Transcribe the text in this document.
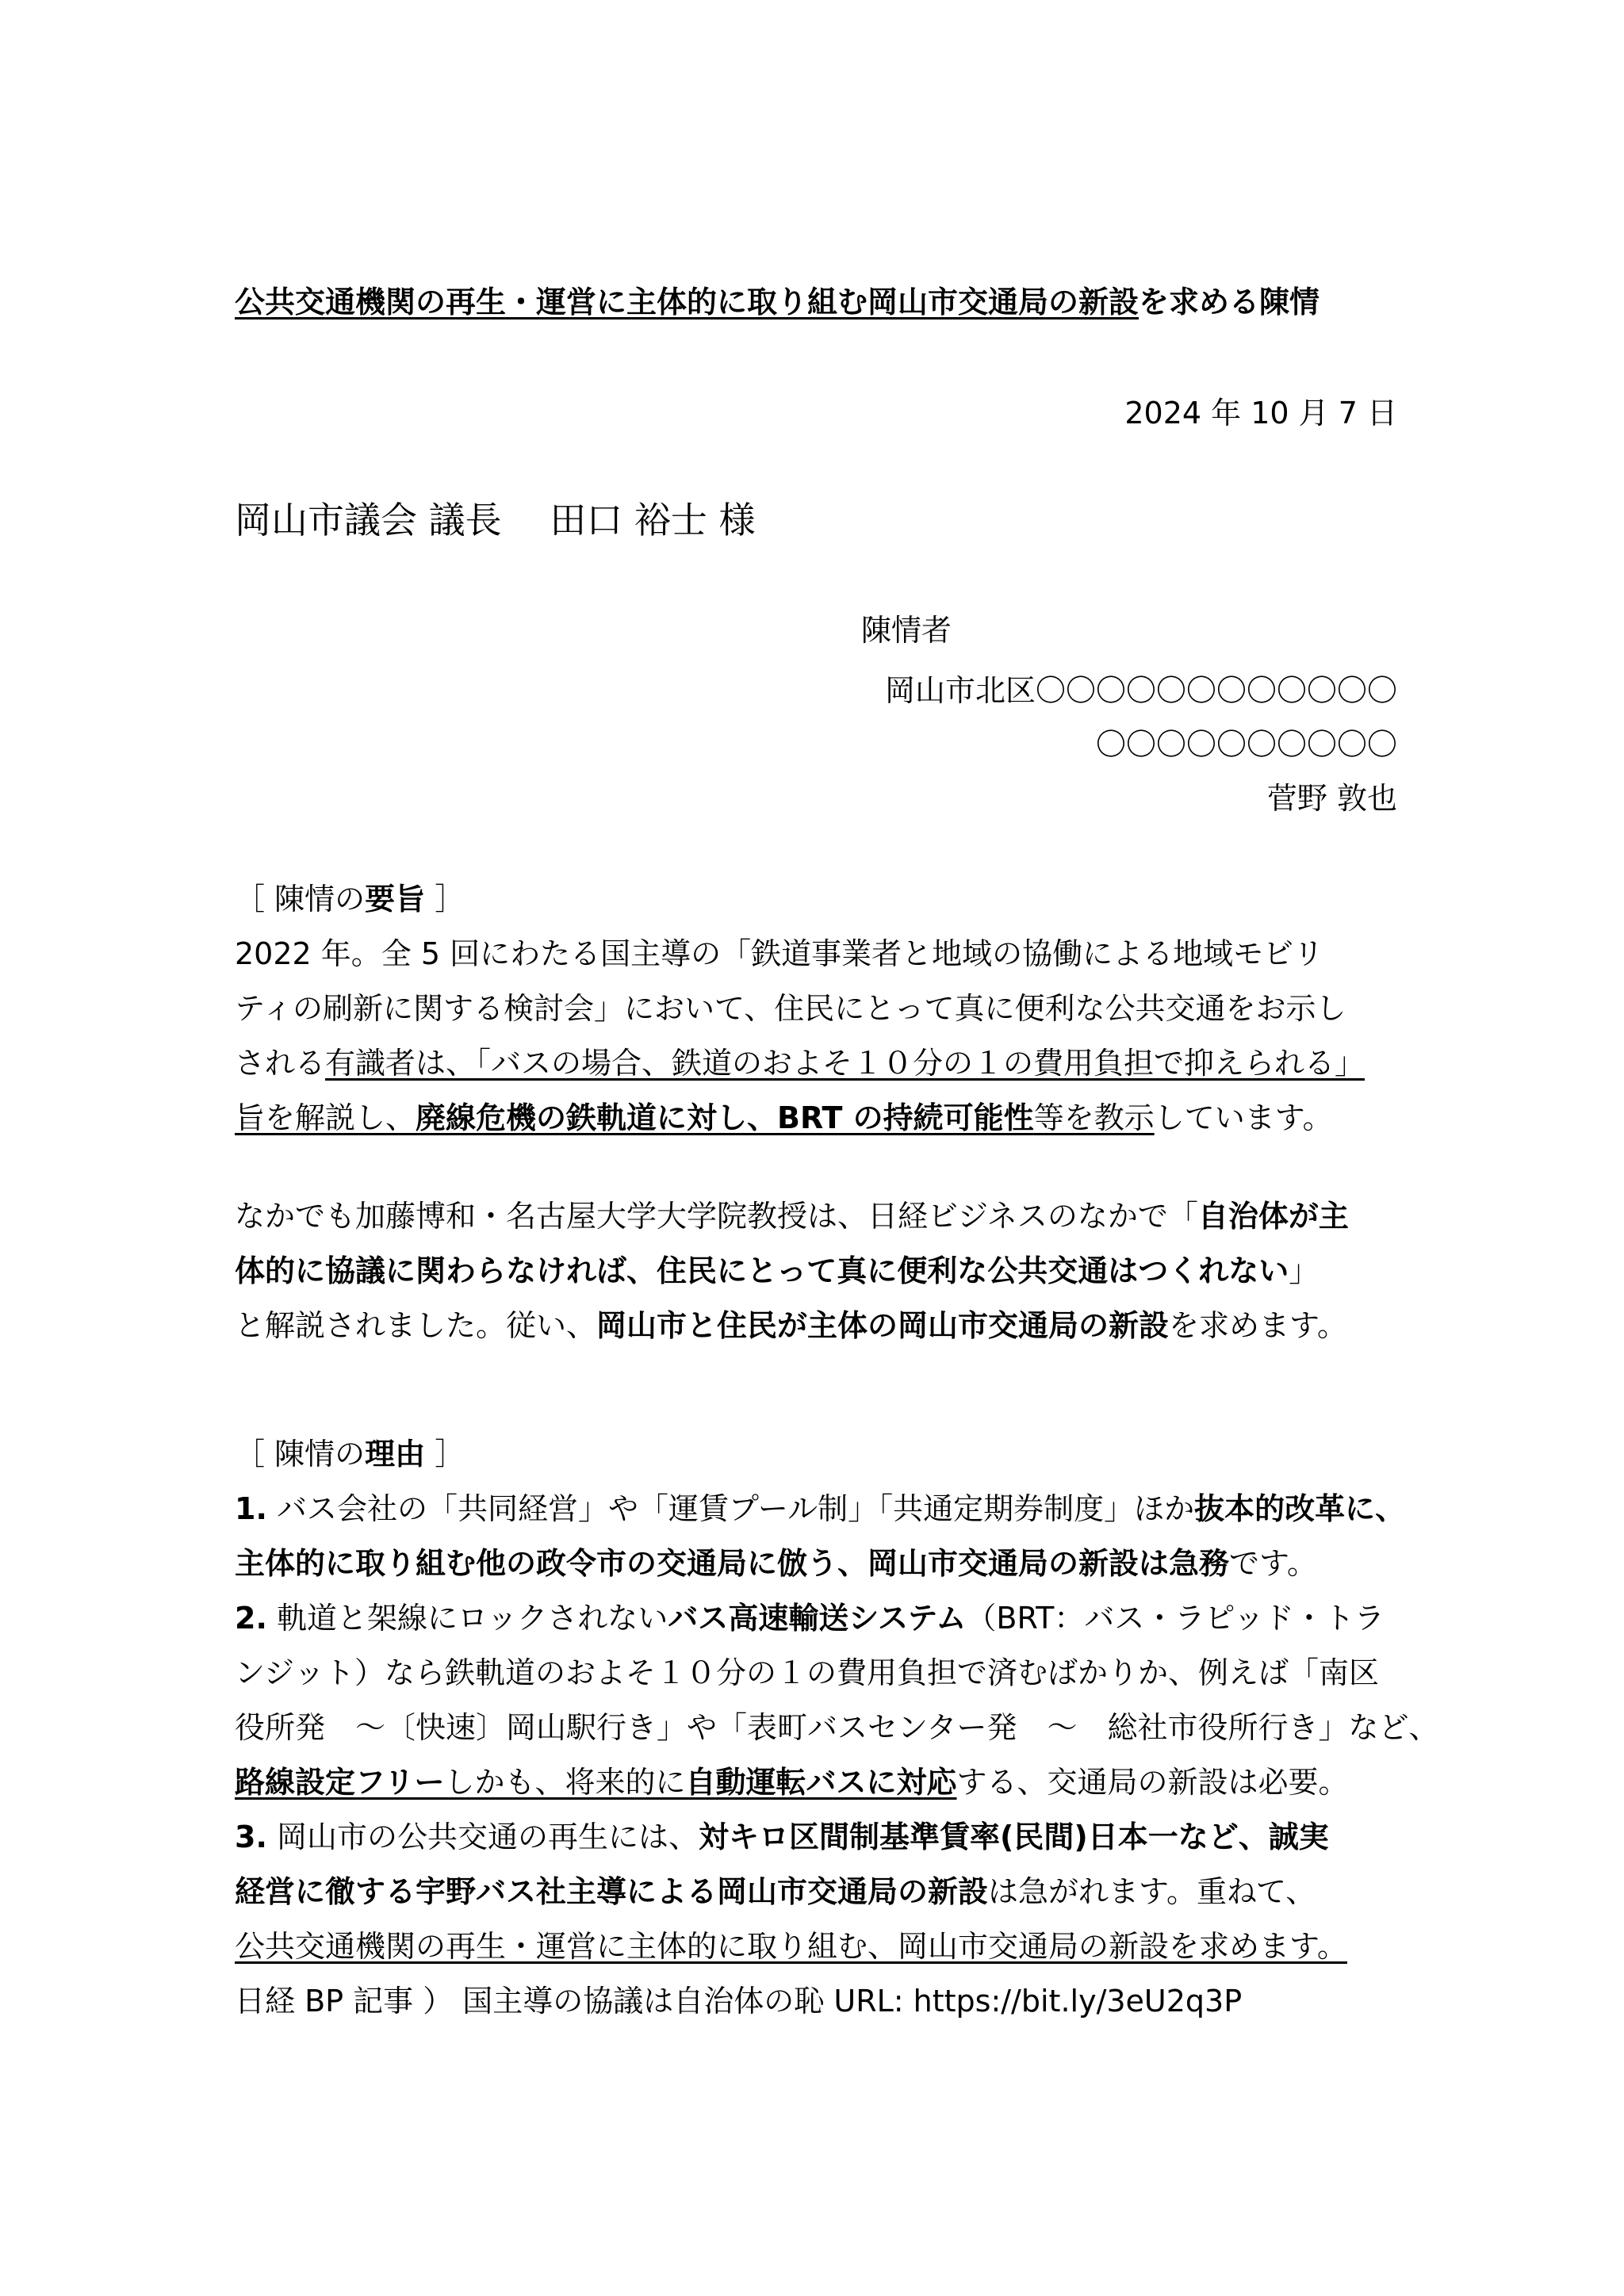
公共交通機関の再生・運営に主体的に取り組む岡山市交通局の新設を求める陳情
2024 年 10 月 7 日
岡山市議会 議長　 田口 裕士 様
陳情者
岡山市北区〇〇〇〇〇〇〇〇〇〇〇〇
〇〇〇〇〇〇〇〇〇〇
菅野 敦也
［ 陳情の要旨 ］
2022 年。全 5 回にわたる国主導の「鉄道事業者と地域の協働による地域モビリ
ティの刷新に関する検討会」において、住民にとって真に便利な公共交通をお示し
される有識者は、「バスの場合、鉄道のおよそ１０分の１の費用負担で抑えられる」
旨を解説し、廃線危機の鉄軌道に対し、BRT の持続可能性等を教示しています。
なかでも加藤博和・名古屋大学大学院教授は、日経ビジネスのなかで「自治体が主
体的に協議に関わらなければ、住民にとって真に便利な公共交通はつくれない」
と解説されました。従い、岡山市と住民が主体の岡山市交通局の新設を求めます。
［ 陳情の理由 ］
1. バス会社の「共同経営」や「運賃プール制」「共通定期券制度」ほか抜本的改革に、
主体的に取り組む他の政令市の交通局に倣う、岡山市交通局の新設は急務です。
2. 軌道と架線にロックされないバス高速輸送システム（BRT：バス・ラピッド・トラ
ンジット）なら鉄軌道のおよそ１０分の１の費用負担で済むばかりか、例えば「南区
役所発　～〔快速〕岡山駅行き」や「表町バスセンター発　～　総社市役所行き」など、
路線設定フリーしかも、将来的に自動運転バスに対応する、交通局の新設は必要。
3. 岡山市の公共交通の再生には、対キロ区間制基準賃率(民間)日本一など、誠実
経営に徹する宇野バス社主導による岡山市交通局の新設は急がれます。重ねて、
公共交通機関の再生・運営に主体的に取り組む、岡山市交通局の新設を求めます。
日経 BP 記事 ） 国主導の協議は自治体の恥 URL: https://bit.ly/3eU2q3P
